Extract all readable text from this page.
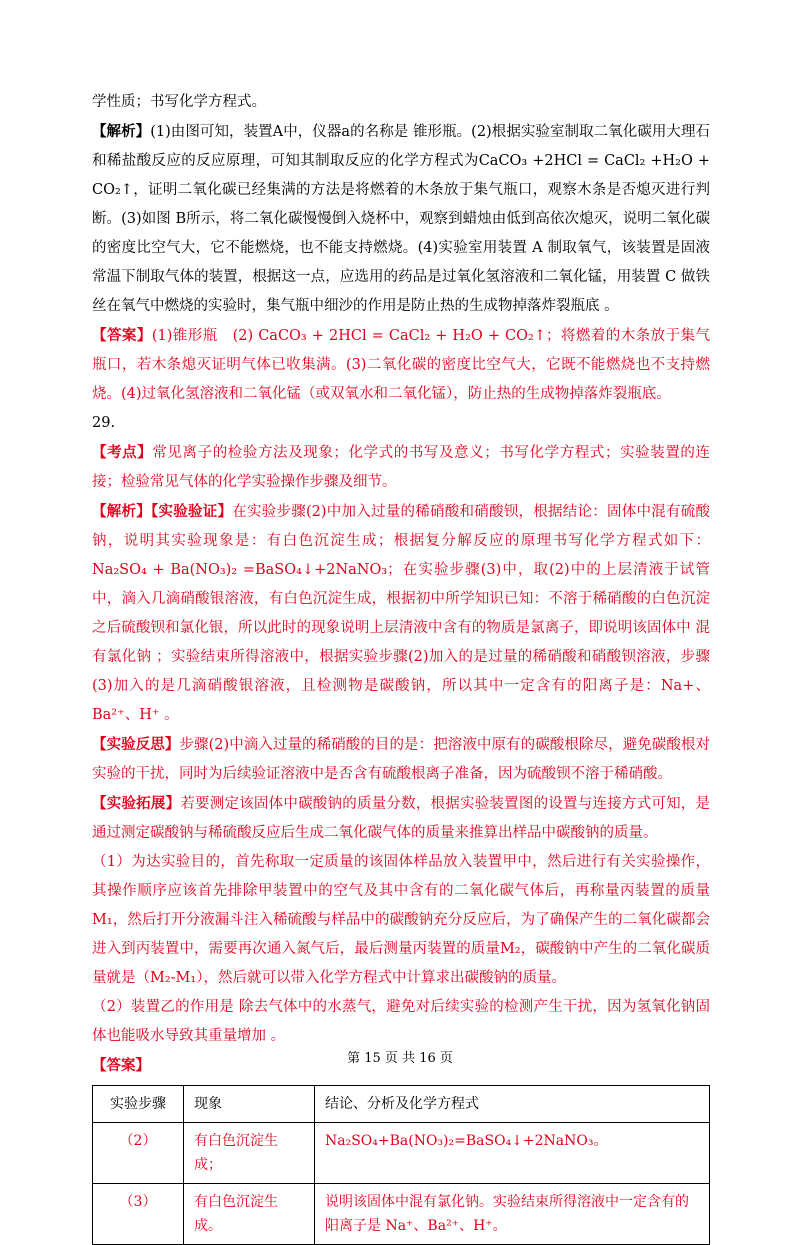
学性质；书写化学方程式。

【解析】(1)由图可知，装置A中，仪器a的名称是 锥形瓶。(2)根据实验室制取二氧化碳用大理石和稀盐酸反应的反应原理，可知其制取反应的化学方程式为CaCO₃ +2HCl = CaCl₂ +H₂O + CO₂↑，证明二氧化碳已经集满的方法是将燃着的木条放于集气瓶口，观察木条是否熄灭进行判断。(3)如图 B所示，将二氧化碳慢慢倒入烧杯中，观察到蜡烛由低到高依次熄灭，说明二氧化碳的密度比空气大，它不能燃烧，也不能支持燃烧。(4)实验室用装置 A 制取氧气，该装置是固液常温下制取气体的装置，根据这一点，应选用的药品是过氧化氢溶液和二氧化锰，用装置 C 做铁丝在氧气中燃烧的实验时，集气瓶中细沙的作用是防止热的生成物掉落炸裂瓶底 。

【答案】(1)锥形瓶　(2) CaCO₃ + 2HCl = CaCl₂ + H₂O + CO₂↑；将燃着的木条放于集气瓶口，若木条熄灭证明气体已收集满。(3)二氧化碳的密度比空气大，它既不能燃烧也不支持燃烧。(4)过氧化氢溶液和二氧化锰（或双氧水和二氧化锰），防止热的生成物掉落炸裂瓶底。

29.

【考点】常见离子的检验方法及现象；化学式的书写及意义；书写化学方程式；实验装置的连接；检验常见气体的化学实验操作步骤及细节。

【解析】【实验验证】在实验步骤(2)中加入过量的稀硝酸和硝酸钡，根据结论：固体中混有硫酸钠，说明其实验现象是：有白色沉淀生成；根据复分解反应的原理书写化学方程式如下：Na₂SO₄ + Ba(NO₃)₂ =BaSO₄↓+2NaNO₃；在实验步骤(3)中，取(2)中的上层清液于试管中，滴入几滴硝酸银溶液，有白色沉淀生成，根据初中所学知识已知：不溶于稀硝酸的白色沉淀之后硫酸钡和氯化银，所以此时的现象说明上层清液中含有的物质是氯离子，即说明该固体中 混有氯化钠 ；实验结束所得溶液中，根据实验步骤(2)加入的是过量的稀硝酸和硝酸钡溶液，步骤(3)加入的是几滴硝酸银溶液，且检测物是碳酸钠，所以其中一定含有的阳离子是：Na+、Ba²⁺、H⁺ 。

【实验反思】步骤(2)中滴入过量的稀硝酸的目的是：把溶液中原有的碳酸根除尽，避免碳酸根对实验的干扰，同时为后续验证溶液中是否含有硫酸根离子准备，因为硫酸钡不溶于稀硝酸。

【实验拓展】若要测定该固体中碳酸钠的质量分数，根据实验装置图的设置与连接方式可知，是通过测定碳酸钠与稀硫酸反应后生成二氧化碳气体的质量来推算出样品中碳酸钠的质量。

（1）为达实验目的，首先称取一定质量的该固体样品放入装置甲中，然后进行有关实验操作，其操作顺序应该首先排除甲装置中的空气及其中含有的二氧化碳气体后，再称量丙装置的质量M₁，然后打开分液漏斗注入稀硫酸与样品中的碳酸钠充分反应后，为了确保产生的二氧化碳都会进入到丙装置中，需要再次通入氮气后，最后测量丙装置的质量M₂，碳酸钠中产生的二氧化碳质量就是（M₂-M₁），然后就可以带入化学方程式中计算求出碳酸钠的质量。

（2）装置乙的作用是 除去气体中的水蒸气，避免对后续实验的检测产生干扰，因为氢氧化钠固体也能吸水导致其重量增加 。

【答案】

实验步骤	现象	结论、分析及化学方程式
（2）	有白色沉淀生成；	Na₂SO₄+Ba(NO₃)₂=BaSO₄↓+2NaNO₃。
（3）	有白色沉淀生成。	说明该固体中混有氯化钠。实验结束所得溶液中一定含有的阳离子是 Na⁺、Ba²⁺、H⁺。
第 15 页 共 16 页
